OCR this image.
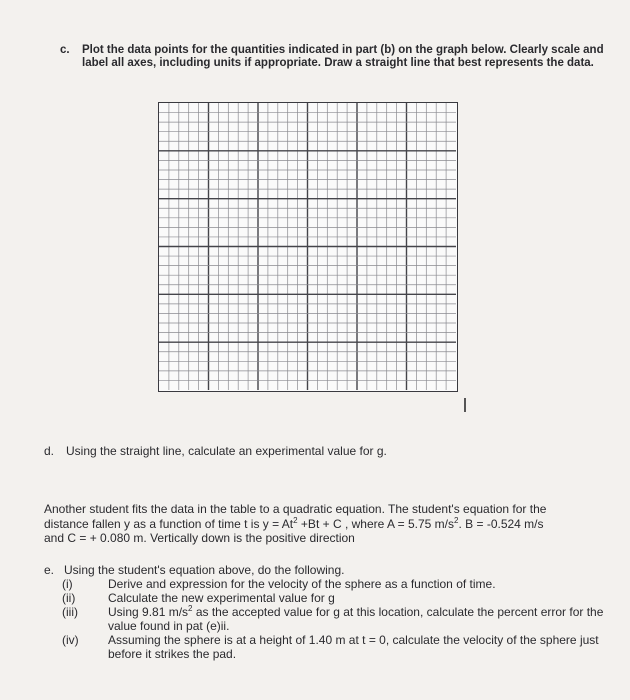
c. Plot the data points for the quantities indicated in part (b) on the graph below. Clearly scale and label all axes, including units if appropriate. Draw a straight line that best represents the data.
d. Using the straight line, calculate an experimental value for g.
Another student fits the data in the table to a quadratic equation. The student's equation for the
distance fallen y as a function of time t is $y = At^2 +Bt + C$ , where A = 5.75 $m/s^2$. B = -0.524 m/s
and C = + 0.080 m. Vertically down is the positive direction
e. Using the student's equation above, do the following.
(i)	Derive and expression for the velocity of the sphere as a function of time.
(ii)	Calculate the new experimental value for g
(iii)	Using 9.81 $m/s^2$ as the accepted value for g at this location, calculate the percent error for the value found in pat (e)ii.
(iv) Assuming the sphere is at a height of 1.40 m at t = 0, calculate the velocity of the sphere just before it strikes the pad.
